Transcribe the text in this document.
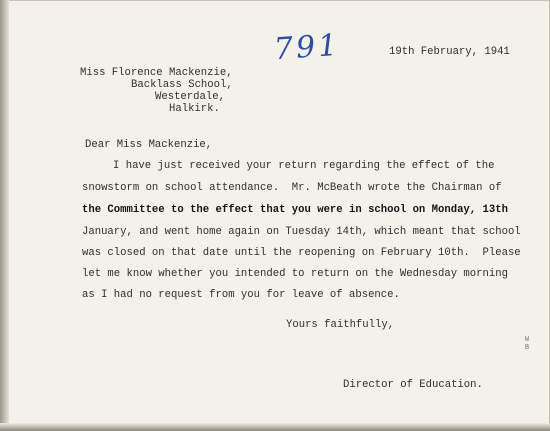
791	19th February, 1941
Miss Florence Mackenzie,
Backlass School,
Westerdale,
Halkirk.
Dear Miss Mackenzie,
I have just received your return regarding the effect of the
snowstorm on school attendance.  Mr. McBeath wrote the Chairman of
the Committee to the effect that you were in school on Monday, 13th
January, and went home again on Tuesday 14th, which meant that school
was closed on that date until the reopening on February 10th.  Please
let me know whether you intended to return on the Wednesday morning
as I had no request from you for leave of absence.
Yours faithfully,
W
B
Director of Education.
